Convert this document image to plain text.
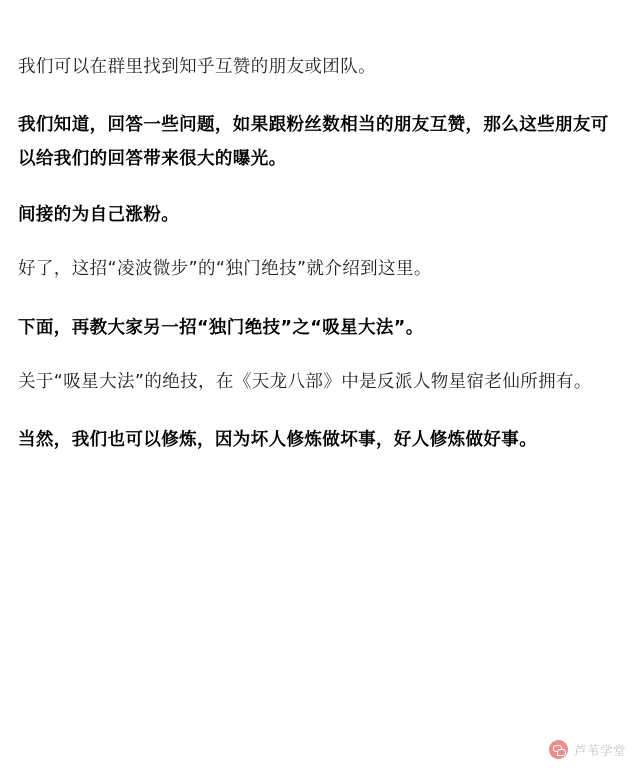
我们可以在群里找到知乎互赞的朋友或团队。

我们知道，回答一些问题，如果跟粉丝数相当的朋友互赞，那么这些朋友可以给我们的回答带来很大的曝光。

间接的为自己涨粉。

好了，这招“凌波微步”的“独门绝技”就介绍到这里。

下面，再教大家另一招“独门绝技”之“吸星大法”。

关于“吸星大法”的绝技，在《天龙八部》中是反派人物星宿老仙所拥有。

当然，我们也可以修炼，因为坏人修炼做坏事，好人修炼做好事。

芦苇学堂
